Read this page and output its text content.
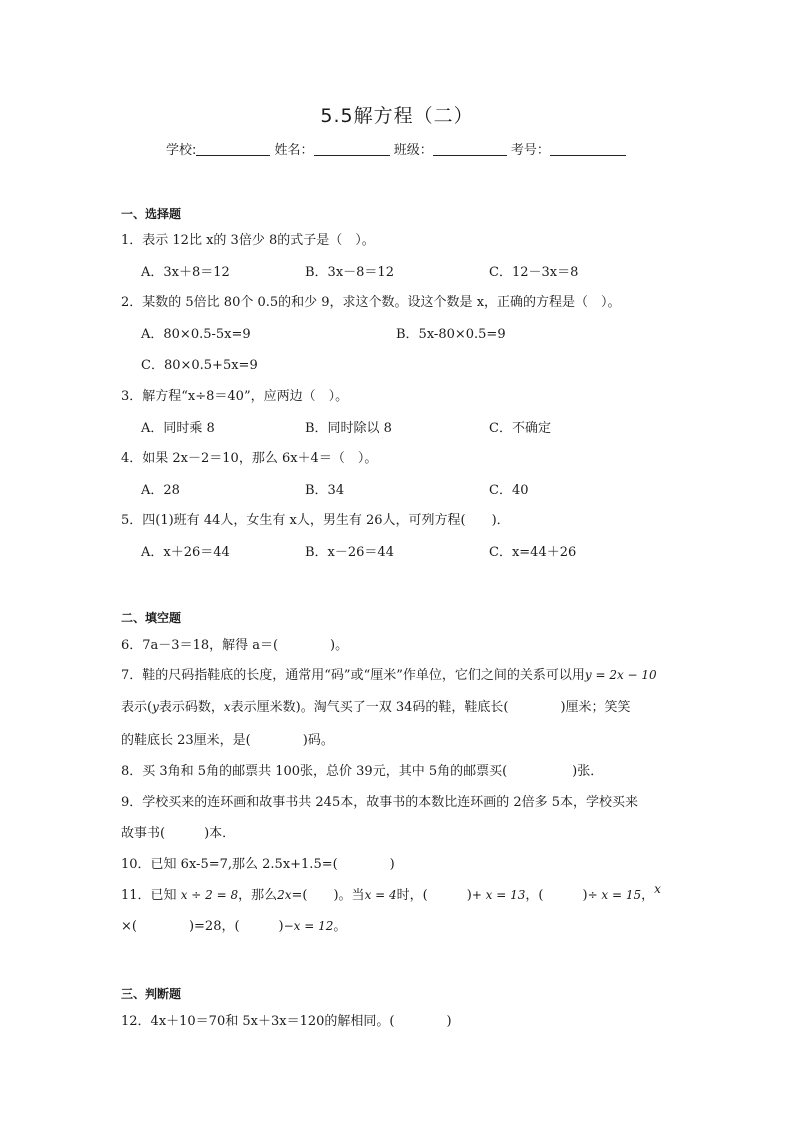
5.5解方程（二）
学校:	姓名：	班级：	考号：
一、选择题
1．表示 12比 x的 3倍少 8的式子是（　）。
A．3x＋8＝12	B．3x－8＝12	C．12－3x＝8
2．某数的 5倍比 80个 0.5的和少 9，求这个数。设这个数是 x，正确的方程是（　）。
A．80×0.5-5x=9	B．5x-80×0.5=9
C．80×0.5+5x=9
3．解方程“x÷8＝40”，应两边（　）。
A．同时乘 8	B．同时除以 8	C．不确定
4．如果 2x－2＝10，那么 6x＋4＝（　）。
A．28	B．34	C．40
5．四(1)班有 44人，女生有 x人，男生有 26人，可列方程(　　)．
A．x＋26＝44	B．x－26＝44	C．x=44＋26
二、填空题
6．7a－3＝18，解得 a＝(　　　　)。
7．鞋的尺码指鞋底的长度，通常用“码”或“厘米”作单位，它们之间的关系可以用y = 2x − 10
表示(y表示码数，x表示厘米数)。淘气买了一双 34码的鞋，鞋底长(　　　　)厘米；笑笑
的鞋底长 23厘米，是(　　　　)码。
8．买 3角和 5角的邮票共 100张，总价 39元，其中 5角的邮票买(　　　　　)张．
9．学校买来的连环画和故事书共 245本，故事书的本数比连环画的 2倍多 5本，学校买来
故事书(　　　)本．
10．已知 6x-5=7,那么 2.5x+1.5=(　　　　)
11．已知 x ÷ 2 = 8，那么2x=(　　)。当x = 4时，(　　　)+ x = 13，(　　　)÷ x = 15，x
×(　　　　)=28，(　　　)−x = 12。
三、判断题
12．4x＋10＝70和 5x＋3x＝120的解相同。(　　　　)
